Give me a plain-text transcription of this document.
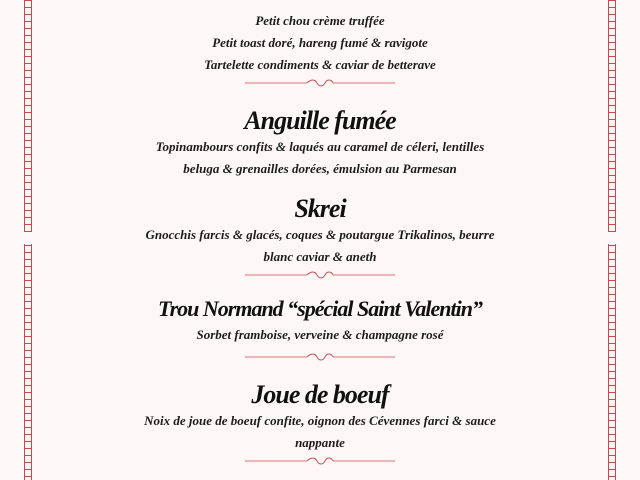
Petit chou crème truffée

Petit toast doré, hareng fumé & ravigote

Tartelette condiments & caviar de betterave

Anguille fumée

Topinambours confits & laqués au caramel de céleri, lentilles

beluga & grenailles dorées, émulsion au Parmesan

Skrei

Gnocchis farcis & glacés, coques & poutargue Trikalinos, beurre

blanc caviar & aneth

Trou Normand “spécial Saint Valentin”

Sorbet framboise, verveine & champagne rosé

Joue de boeuf

Noix de joue de boeuf confite, oignon des Cévennes farci & sauce

nappante
